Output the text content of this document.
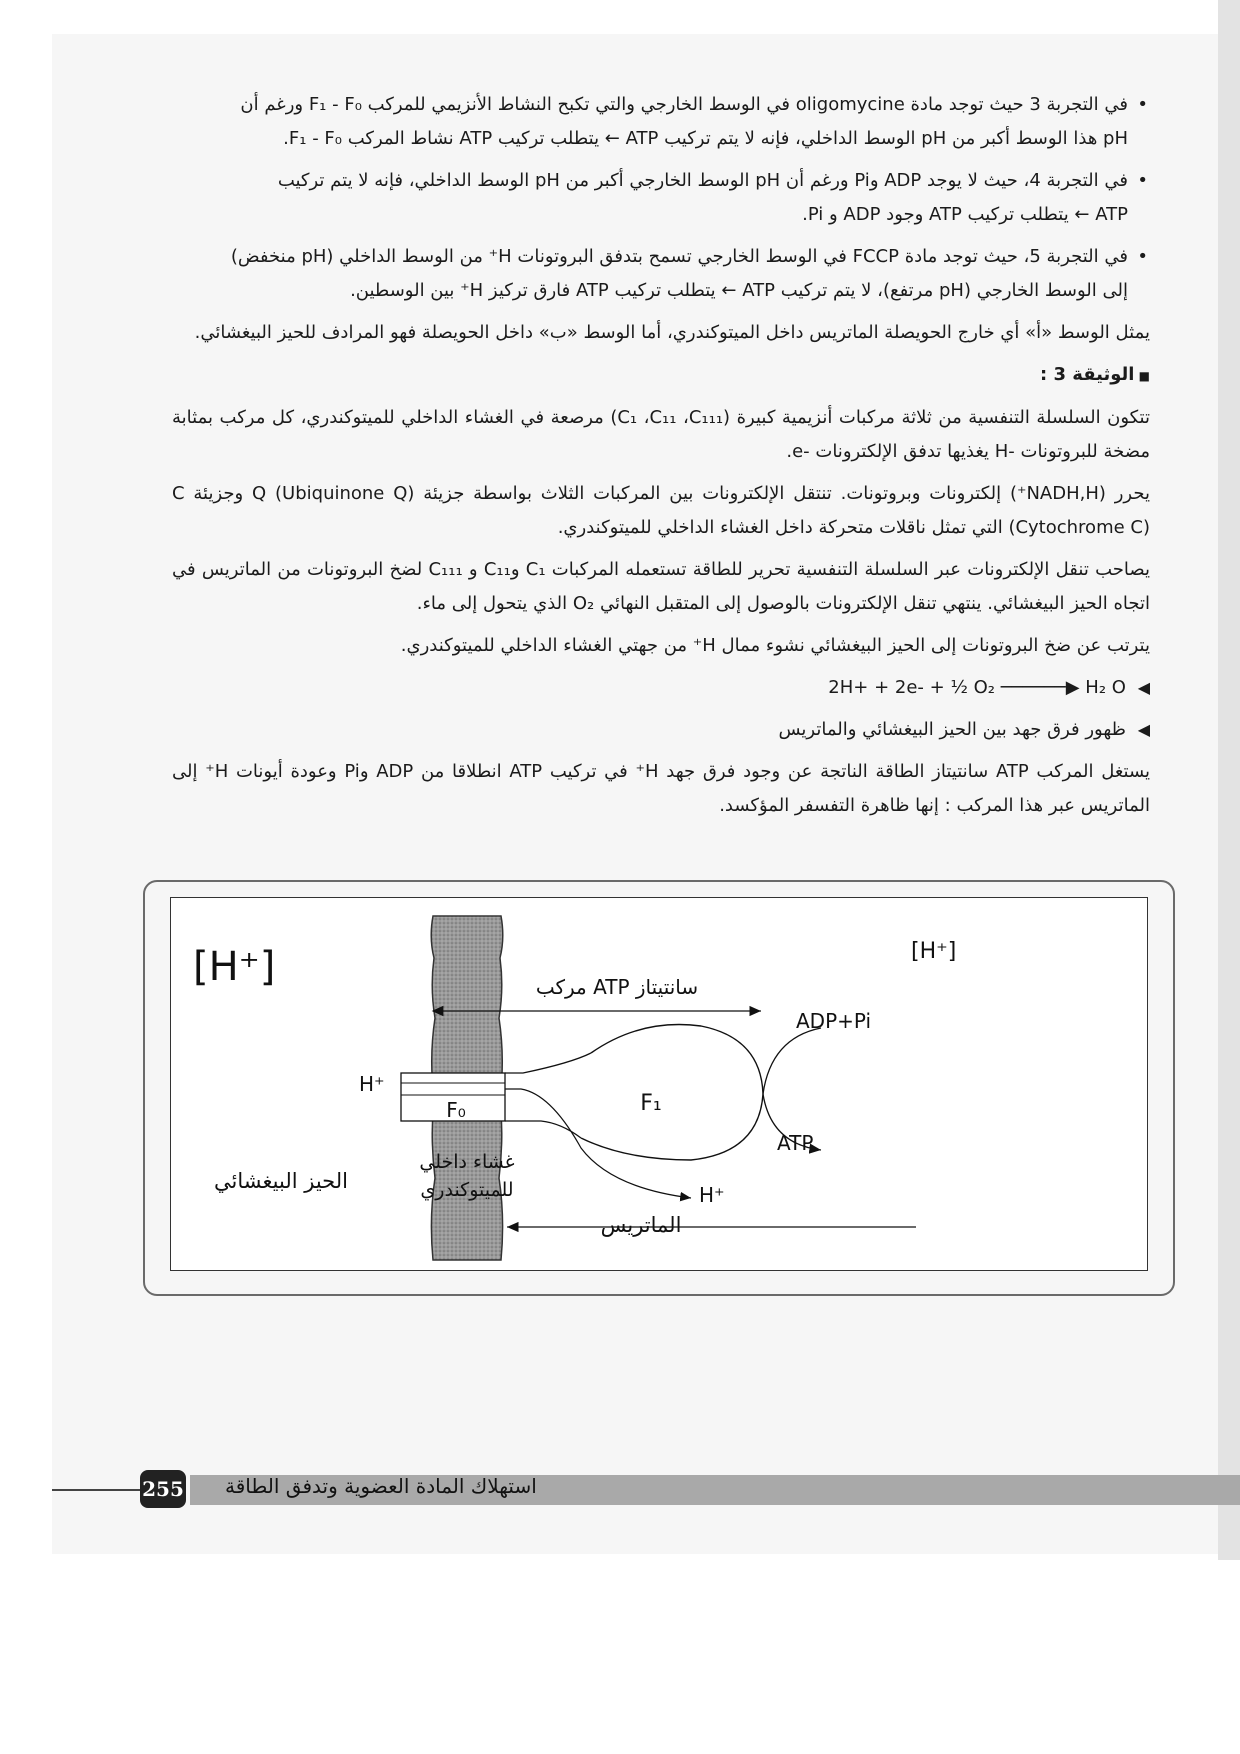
• في التجربة 3 حيث توجد مادة oligomycine في الوسط الخارجي والتي تكبح النشاط الأنزيمي للمركب F₁ - F₀ ورغم أن
pH هذا الوسط أكبر من pH الوسط الداخلي، فإنه لا يتم تركيب ATP ← يتطلب تركيب ATP نشاط المركب F₁ - F₀.

• في التجربة 4، حيث لا يوجد ADP وPi ورغم أن pH الوسط الخارجي أكبر من pH الوسط الداخلي، فإنه لا يتم تركيب
ATP ← يتطلب تركيب ATP وجود ADP و Pi.

• في التجربة 5، حيث توجد مادة FCCP في الوسط الخارجي تسمح بتدفق البروتونات H⁺ من الوسط الداخلي (pH منخفض)
إلى الوسط الخارجي (pH مرتفع)، لا يتم تركيب ATP ← يتطلب تركيب ATP فارق تركيز H⁺ بين الوسطين.

يمثل الوسط «أ» أي خارج الحويصلة الماتريس داخل الميتوكندري، أما الوسط «ب» داخل الحويصلة فهو المرادف للحيز البيغشائي.

■ الوثيقة 3 :

تتكون السلسلة التنفسية من ثلاثة مركبات أنزيمية كبيرة (C₁ ،C₁₁ ،C₁₁₁) مرصعة في الغشاء الداخلي للميتوكندري، كل مركب بمثابة مضخة للبروتونات -H يغذيها تدفق الإلكترونات -e.

يحرر (NADH,H⁺) إلكترونات وبروتونات. تنتقل الإلكترونات بين المركبات الثلاث بواسطة جزيئة Q (Ubiquinone Q) وجزيئة C (Cytochrome C) التي تمثل ناقلات متحركة داخل الغشاء الداخلي للميتوكندري.

يصاحب تنقل الإلكترونات عبر السلسلة التنفسية تحرير للطاقة تستعمله المركبات C₁ وC₁₁ و C₁₁₁ لضخ البروتونات من الماتريس في اتجاه الحيز البيغشائي. ينتهي تنقل الإلكترونات بالوصول إلى المتقبل النهائي O₂ الذي يتحول إلى ماء.

يترتب عن ضخ البروتونات إلى الحيز البيغشائي نشوء ممال H⁺ من جهتي الغشاء الداخلي للميتوكندري.

2H+ + 2e- + ½ O₂ ──────▶ H₂ O ◀

◀ ظهور فرق جهد بين الحيز البيغشائي والماتريس

يستغل المركب ATP سانتيتاز الطاقة الناتجة عن وجود فرق جهد H⁺ في تركيب ATP انطلاقا من ADP وPi وعودة أيونات H⁺ إلى الماتريس عبر هذا المركب : إنها ظاهرة التفسفر المؤكسد.

[H⁺]	[H⁺]
مركب ATP سانتيتاز
ADP+Pi
H⁺
F₀	F₁
ATP
H⁺
غشاء داخلي
للميتوكندري
الحيز البيغشائي
الماتريس
255 استهلاك المادة العضوية وتدفق الطاقة
